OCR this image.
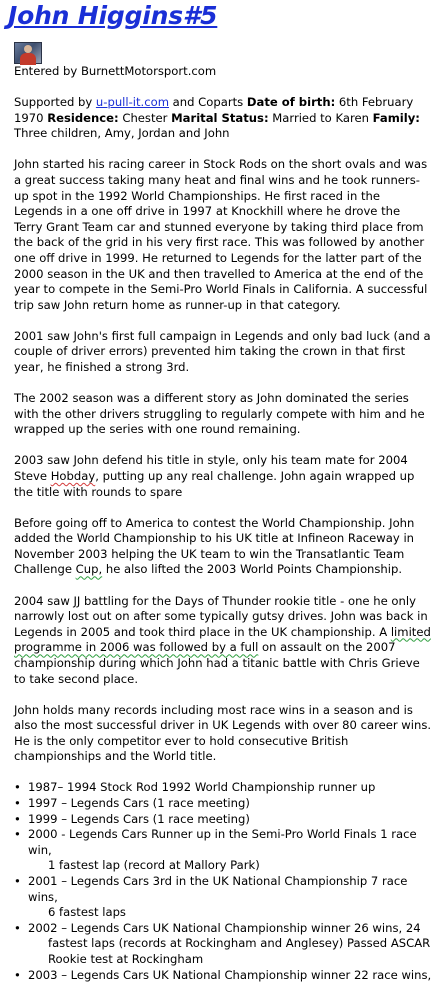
John Higgins#5

Entered by BurnettMotorsport.com

Supported by u-pull-it.com and Coparts Date of birth: 6th February 1970 Residence: Chester Marital Status: Married to Karen Family: Three children, Amy, Jordan and John

John started his racing career in Stock Rods on the short ovals and was a great success taking many heat and final wins and he took runners-up spot in the 1992 World Championships. He first raced in the Legends in a one off drive in 1997 at Knockhill where he drove the Terry Grant Team car and stunned everyone by taking third place from the back of the grid in his very first race. This was followed by another one off drive in 1999. He returned to Legends for the latter part of the 2000 season in the UK and then travelled to America at the end of the year to compete in the Semi-Pro World Finals in California. A successful trip saw John return home as runner-up in that category.

2001 saw John's first full campaign in Legends and only bad luck (and a couple of driver errors) prevented him taking the crown in that first year, he finished a strong 3rd.

The 2002 season was a different story as John dominated the series with the other drivers struggling to regularly compete with him and he wrapped up the series with one round remaining.

2003 saw John defend his title in style, only his team mate for 2004 Steve Hobday, putting up any real challenge. John again wrapped up the title with rounds to spare

Before going off to America to contest the World Championship. John added the World Championship to his UK title at Infineon Raceway in November 2003 helping the UK team to win the Transatlantic Team Challenge Cup, he also lifted the 2003 World Points Championship.

2004 saw JJ battling for the Days of Thunder rookie title - one he only narrowly lost out on after some typically gutsy drives. John was back in Legends in 2005 and took third place in the UK championship. A limited programme in 2006 was followed by a full on assault on the 2007 championship during which John had a titanic battle with Chris Grieve to take second place.

John holds many records including most race wins in a season and is also the most successful driver in UK Legends with over 80 career wins. He is the only competitor ever to hold consecutive British championships and the World title.

• 1987– 1994 Stock Rod 1992 World Championship runner up
• 1997 – Legends Cars (1 race meeting)
• 1999 – Legends Cars (1 race meeting)
• 2000 - Legends Cars Runner up in the Semi-Pro World Finals 1 race win,
1 fastest lap (record at Mallory Park)
• 2001 – Legends Cars 3rd in the UK National Championship 7 race wins,
6 fastest laps
• 2002 – Legends Cars UK National Championship winner 26 wins, 24
fastest laps (records at Rockingham and Anglesey) Passed ASCAR Rookie test at Rockingham
• 2003 – Legends Cars UK National Championship winner 22 race wins,
